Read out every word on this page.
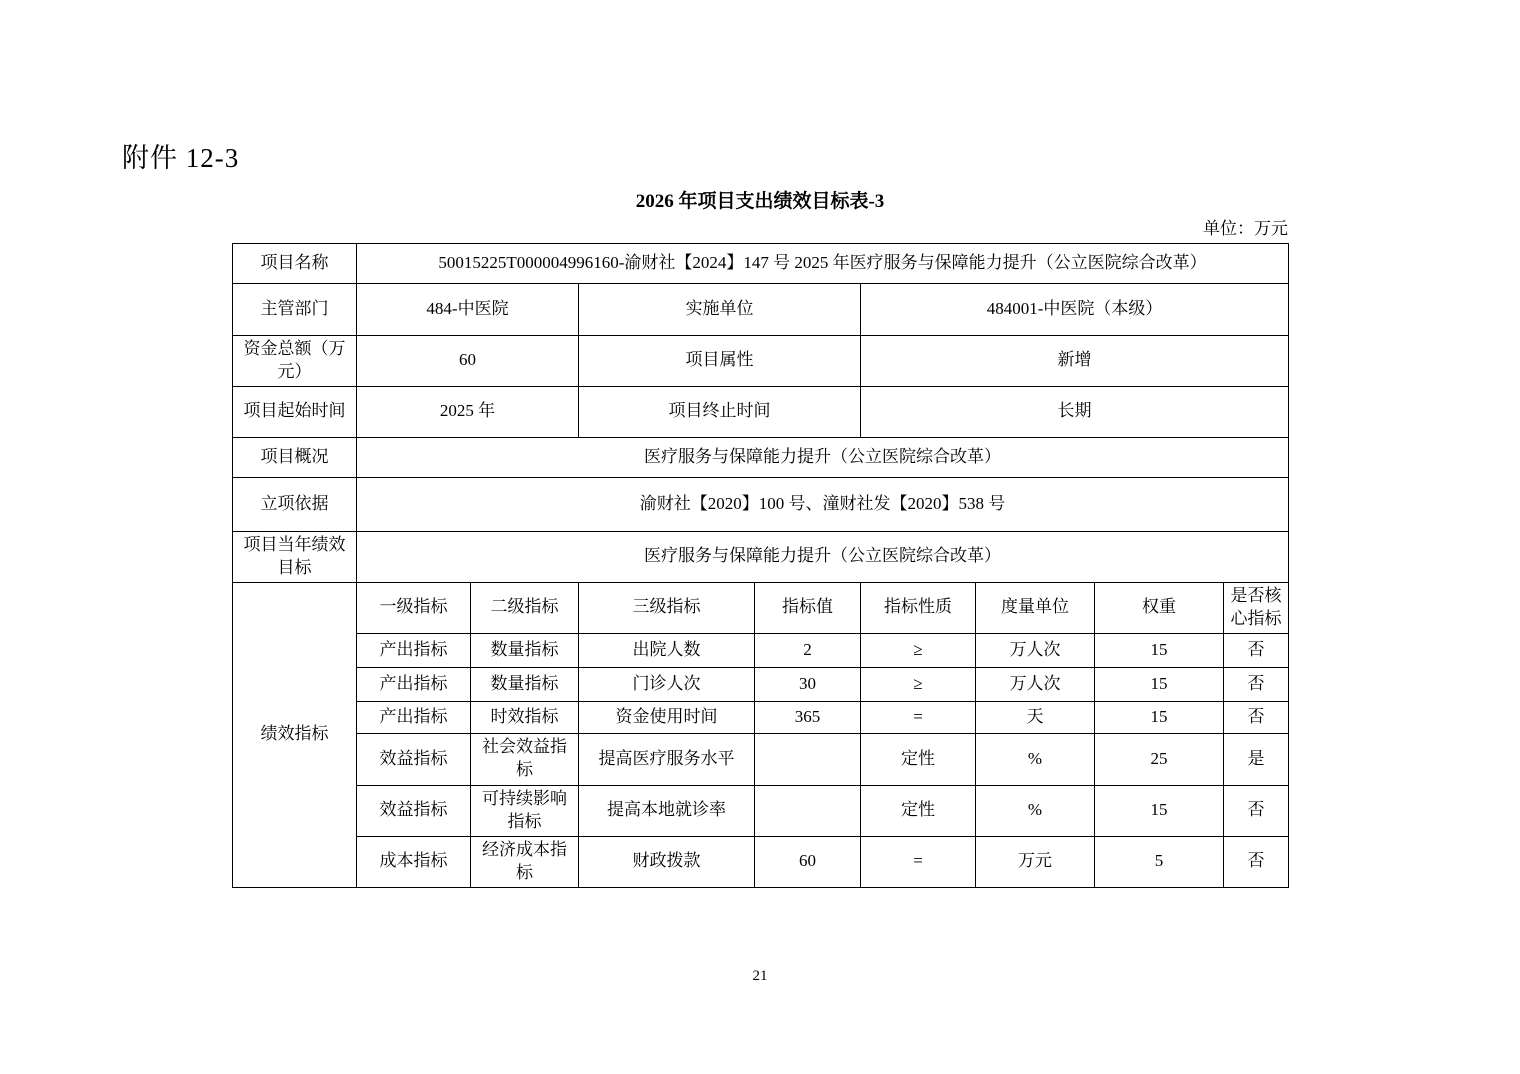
附件 12-3
2026 年项目支出绩效目标表-3
单位：万元
项目名称	50015225T000004996160-渝财社【2024】147 号 2025 年医疗服务与保障能力提升（公立医院综合改革）							
主管部门	484-中医院		实施单位		484001-中医院（本级）			
资金总额（万元）	60		项目属性		新增			
项目起始时间	2025 年		项目终止时间		长期			
项目概况	医疗服务与保障能力提升（公立医院综合改革）							
立项依据	渝财社【2020】100 号、潼财社发【2020】538 号							
项目当年绩效目标	医疗服务与保障能力提升（公立医院综合改革）							
绩效指标	一级指标	二级指标	三级指标	指标值	指标性质	度量单位	权重	是否核心指标
	产出指标	数量指标	出院人数	2	≥	万人次	15	否
	产出指标	数量指标	门诊人次	30	≥	万人次	15	否
	产出指标	时效指标	资金使用时间	365	=	天	15	否
	效益指标	社会效益指标	提高医疗服务水平		定性	%	25	是
	效益指标	可持续影响指标	提高本地就诊率		定性	%	15	否
	成本指标	经济成本指标	财政拨款	60	=	万元	5	否
21
